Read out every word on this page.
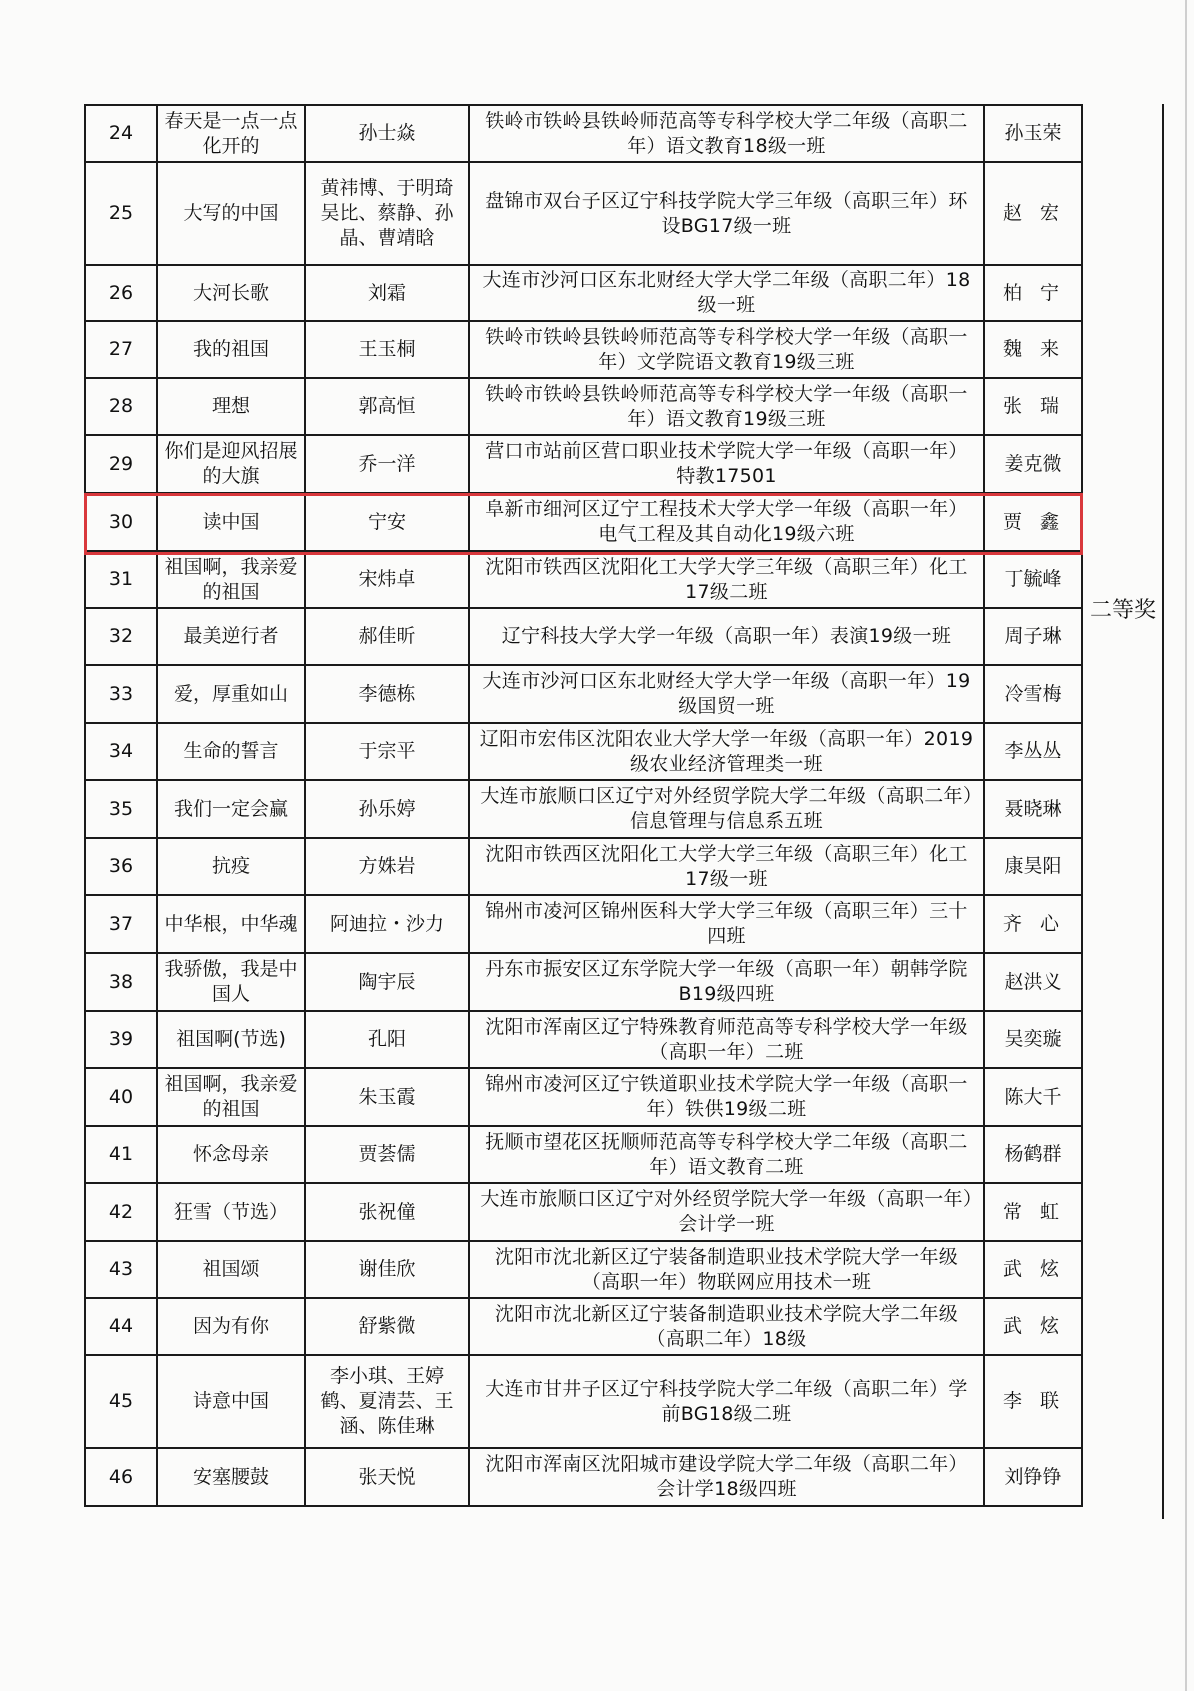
24	春天是一点一点化开的	孙士焱	铁岭市铁岭县铁岭师范高等专科学校大学二年级（高职二年）语文教育18级一班	孙玉荣
25	大写的中国	黄祎博、于明琦吴比、蔡静、孙晶、曹靖晗	盘锦市双台子区辽宁科技学院大学三年级（高职三年）环设BG17级一班	赵宏
26	大河长歌	刘霜	大连市沙河口区东北财经大学大学二年级（高职二年）18级一班	柏宁
27	我的祖国	王玉桐	铁岭市铁岭县铁岭师范高等专科学校大学一年级（高职一年）文学院语文教育19级三班	魏来
28	理想	郭高恒	铁岭市铁岭县铁岭师范高等专科学校大学一年级（高职一年）语文教育19级三班	张瑞
29	你们是迎风招展的大旗	乔一洋	营口市站前区营口职业技术学院大学一年级（高职一年）特教17501	姜克微
30	读中国	宁安	阜新市细河区辽宁工程技术大学大学一年级（高职一年）电气工程及其自动化19级六班	贾鑫
31	祖国啊，我亲爱的祖国	宋炜卓	沈阳市铁西区沈阳化工大学大学三年级（高职三年）化工17级二班	丁毓峰
32	最美逆行者	郝佳昕	辽宁科技大学大学一年级（高职一年）表演19级一班	周子琳
33	爱，厚重如山	李德栋	大连市沙河口区东北财经大学大学一年级（高职一年）19级国贸一班	冷雪梅
34	生命的誓言	于宗平	辽阳市宏伟区沈阳农业大学大学一年级（高职一年）2019级农业经济管理类一班	李丛丛
35	我们一定会赢	孙乐婷	大连市旅顺口区辽宁对外经贸学院大学二年级（高职二年）信息管理与信息系五班	聂晓琳
36	抗疫	方姝岩	沈阳市铁西区沈阳化工大学大学三年级（高职三年）化工17级一班	康昊阳
37	中华根，中华魂	阿迪拉・沙力	锦州市凌河区锦州医科大学大学三年级（高职三年）三十四班	齐心
38	我骄傲，我是中国人	陶宇辰	丹东市振安区辽东学院大学一年级（高职一年）朝韩学院 B19级四班	赵洪义
39	祖国啊(节选)	孔阳	沈阳市浑南区辽宁特殊教育师范高等专科学校大学一年级（高职一年）二班	吴奕璇
40	祖国啊，我亲爱的祖国	朱玉霞	锦州市凌河区辽宁铁道职业技术学院大学一年级（高职一年）铁供19级二班	陈大千
41	怀念母亲	贾荟儒	抚顺市望花区抚顺师范高等专科学校大学二年级（高职二年）语文教育二班	杨鹤群
42	狂雪（节选）	张祝僮	大连市旅顺口区辽宁对外经贸学院大学一年级（高职一年）会计学一班	常虹
43	祖国颂	谢佳欣	沈阳市沈北新区辽宁装备制造职业技术学院大学一年级（高职一年）物联网应用技术一班	武炫
44	因为有你	舒紫微	沈阳市沈北新区辽宁装备制造职业技术学院大学二年级（高职二年）18级	武炫
45	诗意中国	李小琪、王婷鹤、夏清芸、王涵、陈佳琳	大连市甘井子区辽宁科技学院大学二年级（高职二年）学前BG18级二班	李联
46	安塞腰鼓	张天悦	沈阳市浑南区沈阳城市建设学院大学二年级（高职二年）会计学18级四班	刘铮铮
二等奖
